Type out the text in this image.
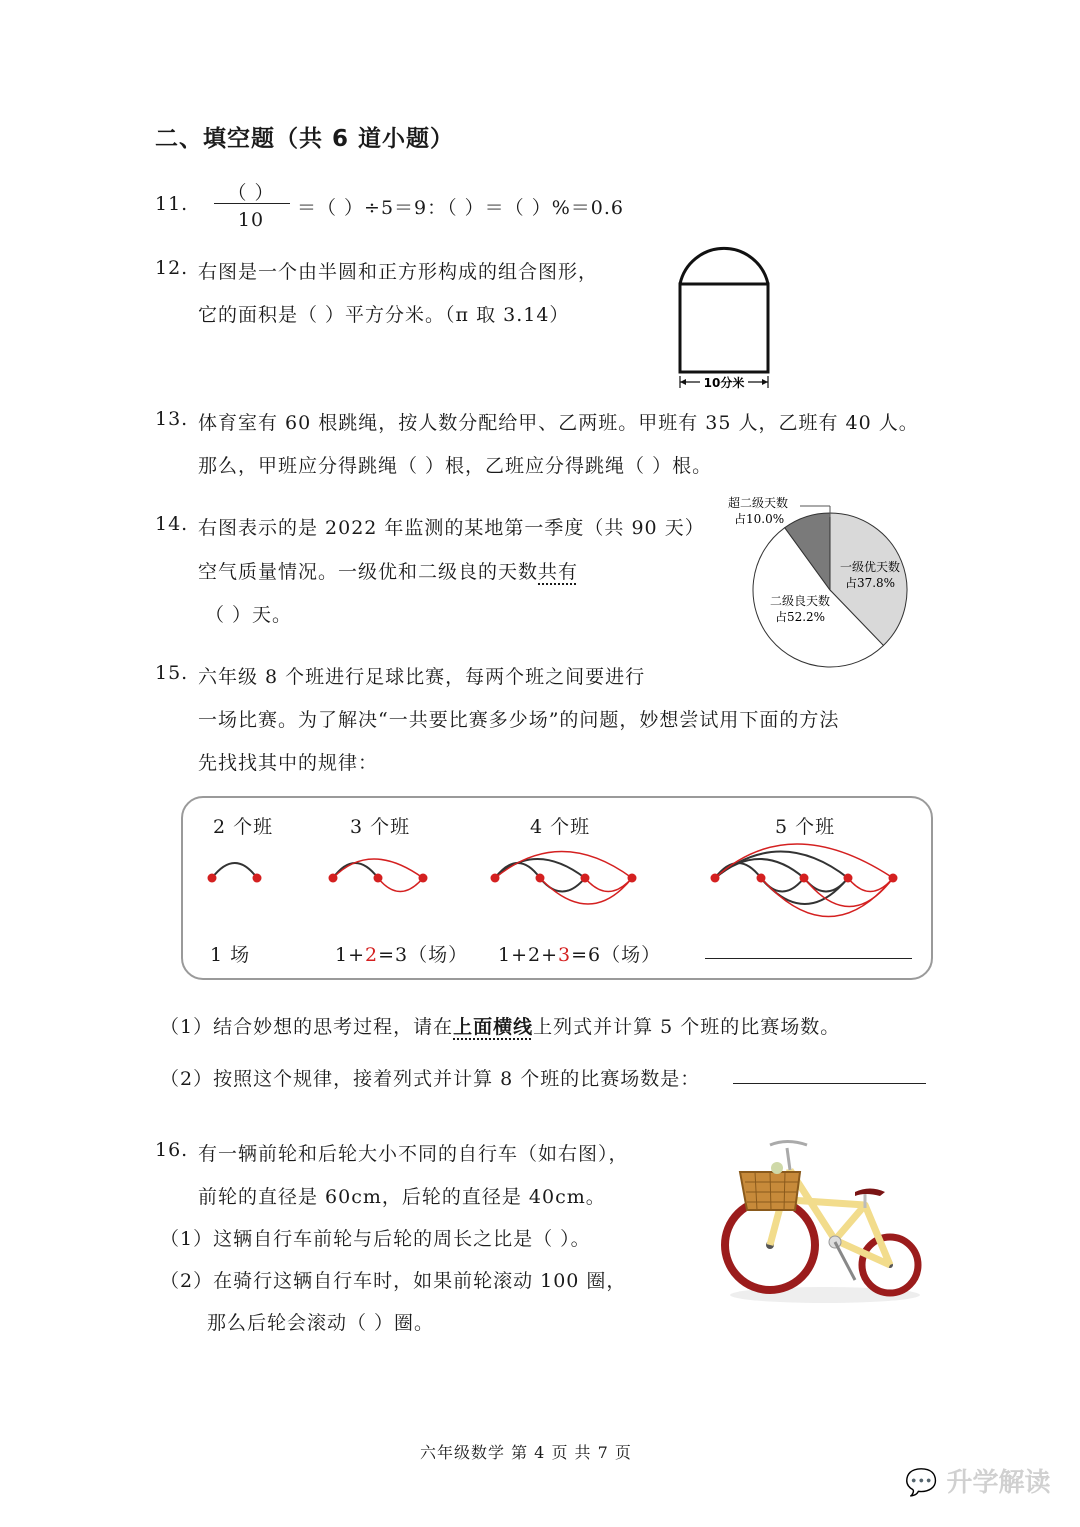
二、填空题（共 6 道小题）
11.	（ ）
10
＝（ ）÷5＝9：（ ）＝（ ）%＝0.6
12. 右图是一个由半圆和正方形构成的组合图形，
它的面积是（ ）平方分米。（π 取 3.14）
10分米
13. 体育室有 60 根跳绳，按人数分配给甲、乙两班。甲班有 35 人，乙班有 40 人。
那么，甲班应分得跳绳（ ）根，乙班应分得跳绳（ ）根。
14. 右图表示的是 2022 年监测的某地第一季度（共 90 天）
空气质量情况。一级优和二级良的天数共有
（ ）天。
超二级天数
占10.0%
一级优天数
占37.8%
二级良天数
占52.2%
15. 六年级 8 个班进行足球比赛，每两个班之间要进行
一场比赛。为了解决“一共要比赛多少场”的问题，妙想尝试用下面的方法
先找找其中的规律：
2 个班	3 个班	4 个班	5 个班
1 场	1+2=3（场） 1+2+3=6（场）
（1）结合妙想的思考过程，请在上面横线上列式并计算 5 个班的比赛场数。
（2）按照这个规律，接着列式并计算 8 个班的比赛场数是：
16. 有一辆前轮和后轮大小不同的自行车（如右图），
前轮的直径是 60cm，后轮的直径是 40cm。
（1）这辆自行车前轮与后轮的周长之比是（ ）。
（2）在骑行这辆自行车时，如果前轮滚动 100 圈，
那么后轮会滚动（ ）圈。
六年级数学 第 4 页 共 7 页
💬 升学解读
